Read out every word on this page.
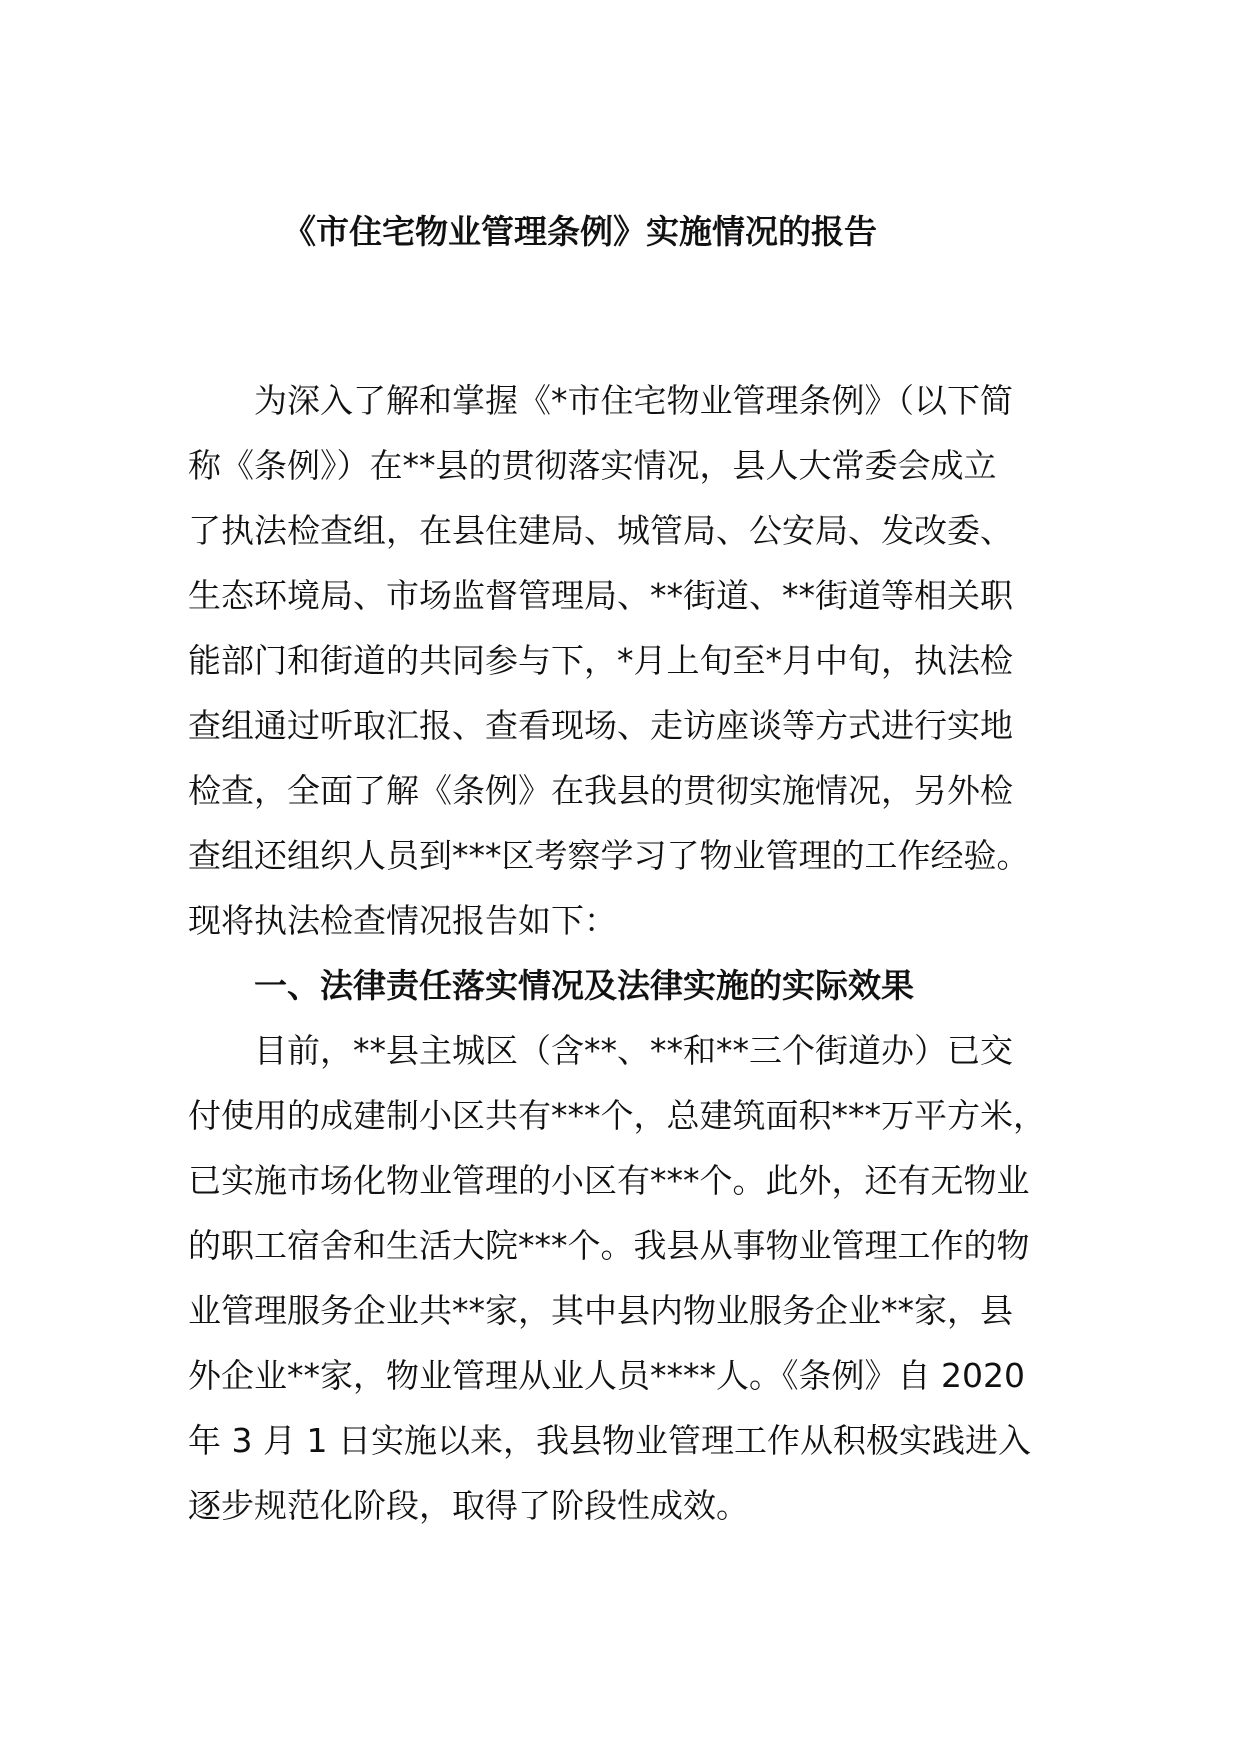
《市住宅物业管理条例》实施情况的报告
为深入了解和掌握《*市住宅物业管理条例》（以下简
称《条例》）在**县的贯彻落实情况，县人大常委会成立
了执法检查组，在县住建局、城管局、公安局、发改委、
生态环境局、市场监督管理局、**街道、**街道等相关职
能部门和街道的共同参与下，*月上旬至*月中旬，执法检
查组通过听取汇报、查看现场、走访座谈等方式进行实地
检查，全面了解《条例》在我县的贯彻实施情况，另外检
查组还组织人员到***区考察学习了物业管理的工作经验。
现将执法检查情况报告如下：
一、法律责任落实情况及法律实施的实际效果
目前，**县主城区（含**、**和**三个街道办）已交
付使用的成建制小区共有***个，总建筑面积***万平方米，
已实施市场化物业管理的小区有***个。此外，还有无物业
的职工宿舍和生活大院***个。我县从事物业管理工作的物
业管理服务企业共**家，其中县内物业服务企业**家，县
外企业**家，物业管理从业人员****人。《条例》自 2020
年 3 月 1 日实施以来，我县物业管理工作从积极实践进入
逐步规范化阶段，取得了阶段性成效。
